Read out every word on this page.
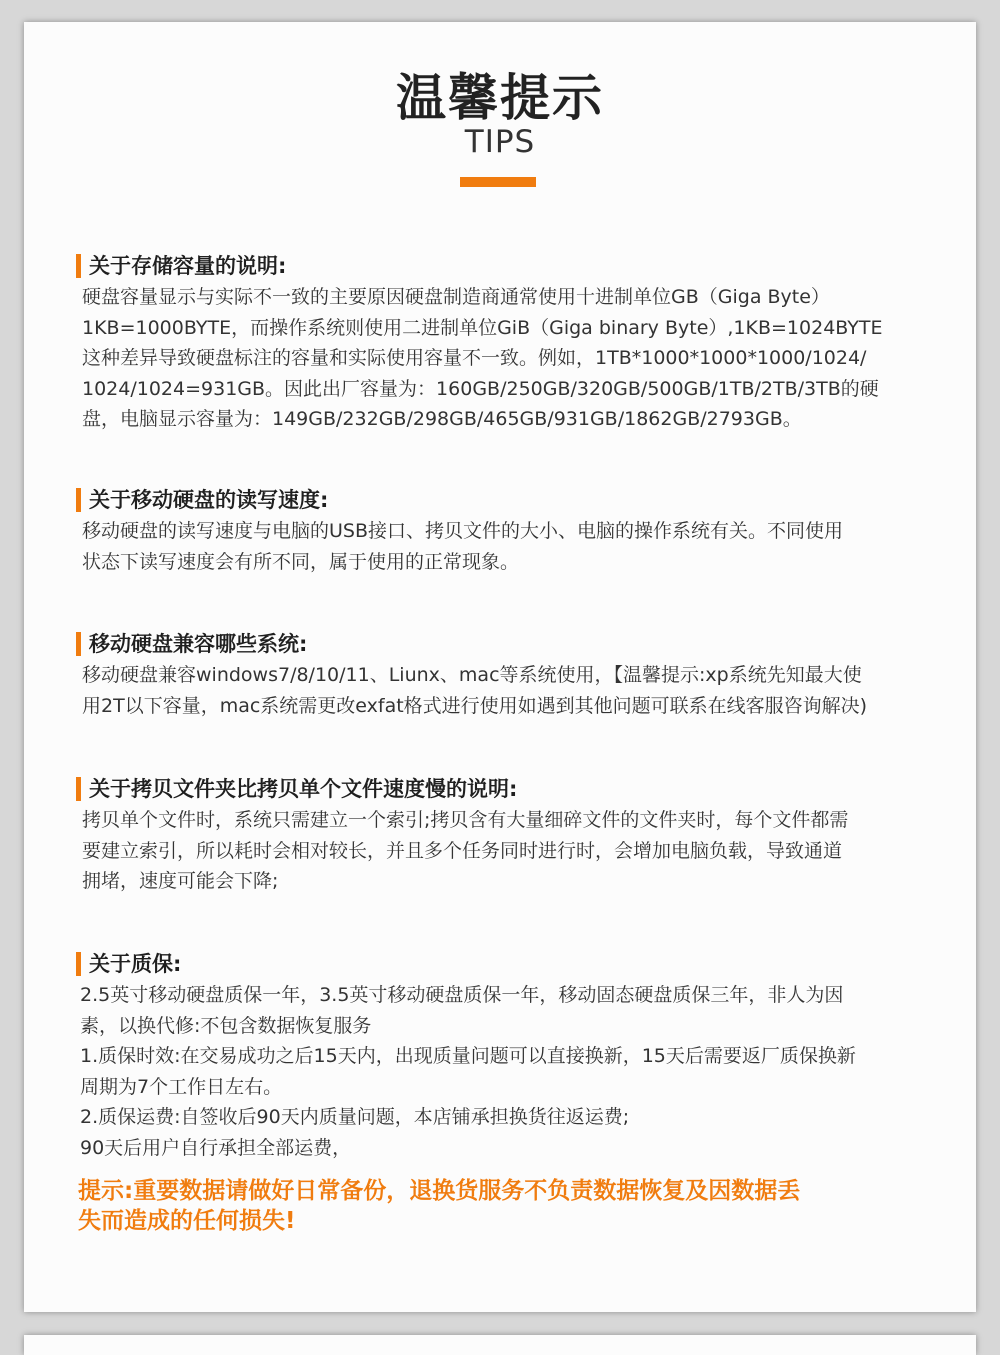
温馨提示
TIPS
关于存储容量的说明:
硬盘容量显示与实际不一致的主要原因硬盘制造商通常使用十进制单位GB（Giga Byte）
1KB=1000BYTE，而操作系统则使用二进制单位GiB（Giga binary Byte）,1KB=1024BYTE
这种差异导致硬盘标注的容量和实际使用容量不一致。例如，1TB*1000*1000*1000/1024/
1024/1024=931GB。因此出厂容量为：160GB/250GB/320GB/500GB/1TB/2TB/3TB的硬
盘，电脑显示容量为：149GB/232GB/298GB/465GB/931GB/1862GB/2793GB。
关于移动硬盘的读写速度:
移动硬盘的读写速度与电脑的USB接口、拷贝文件的大小、电脑的操作系统有关。不同使用
状态下读写速度会有所不同，属于使用的正常现象。
移动硬盘兼容哪些系统:
移动硬盘兼容windows7/8/10/11、Liunx、mac等系统使用，【温馨提示:xp系统先知最大使
用2T以下容量，mac系统需更改exfat格式进行使用如遇到其他问题可联系在线客服咨询解决)
关于拷贝文件夹比拷贝单个文件速度慢的说明:
拷贝单个文件时，系统只需建立一个索引;拷贝含有大量细碎文件的文件夹时，每个文件都需
要建立索引，所以耗时会相对较长，并且多个任务同时进行时，会增加电脑负载，导致通道
拥堵，速度可能会下降;
关于质保:
2.5英寸移动硬盘质保一年，3.5英寸移动硬盘质保一年，移动固态硬盘质保三年，非人为因
素，以换代修:不包含数据恢复服务
1.质保时效:在交易成功之后15天内，出现质量问题可以直接换新，15天后需要返厂质保换新
周期为7个工作日左右。
2.质保运费:自签收后90天内质量问题，本店铺承担换货往返运费;
90天后用户自行承担全部运费，
提示:重要数据请做好日常备份，退换货服务不负责数据恢复及因数据丢
失而造成的任何损失!
